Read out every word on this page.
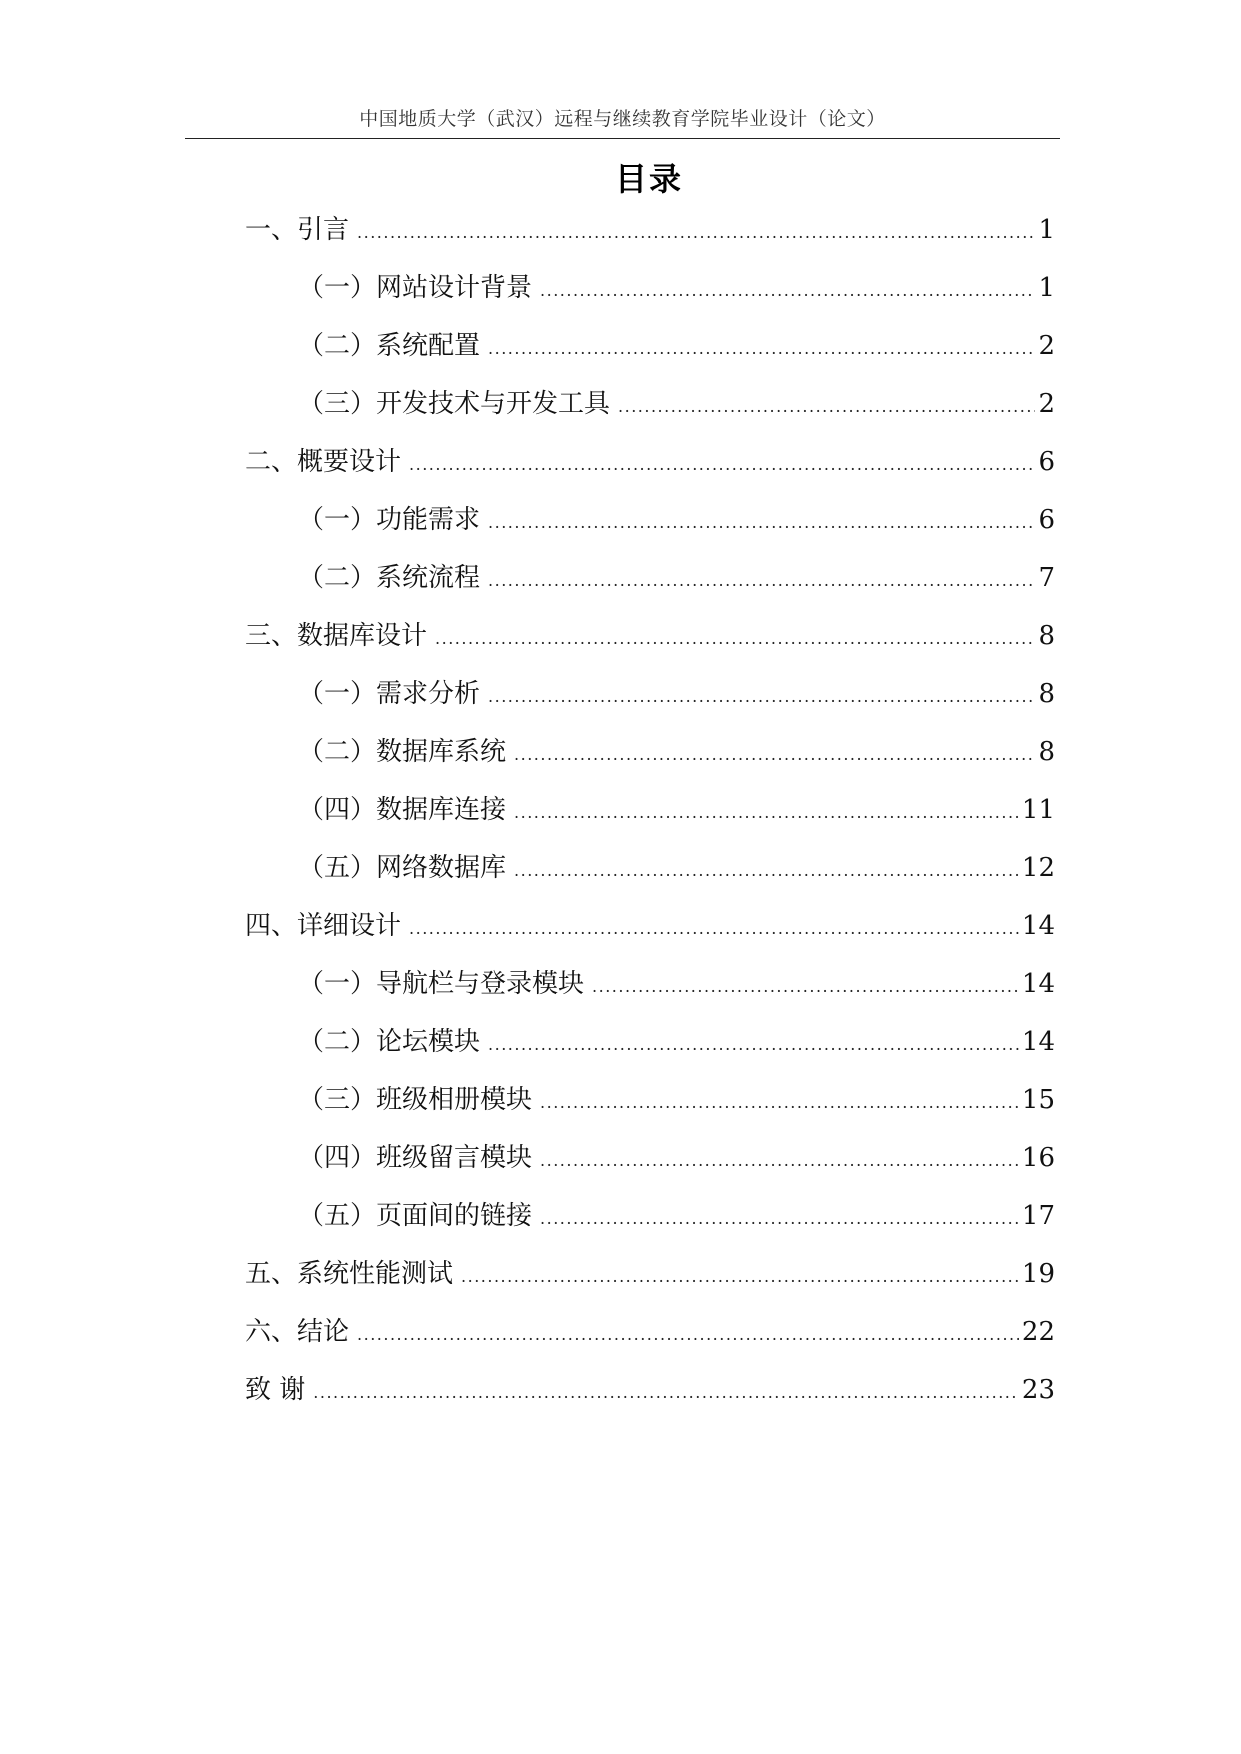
中国地质大学（武汉）远程与继续教育学院毕业设计（论文）
目录
一、引言 .....	1
（一）网站设计背景 .....	1
（二）系统配置 .....	2
（三）开发技术与开发工具 .....	2
二、概要设计 .....	6
（一）功能需求 .....	6
（二）系统流程 .....	7
三、数据库设计 .....	8
（一）需求分析 .....	8
（二）数据库系统 .....	8
（四）数据库连接 .....	11
（五）网络数据库 .....	12
四、详细设计 .....	14
（一）导航栏与登录模块 .....	14
（二）论坛模块 .....	14
（三）班级相册模块 .....	15
（四）班级留言模块 .....	16
（五）页面间的链接 .....	17
五、系统性能测试 .....	19
六、结论 .....	22
致 谢 .....	23
